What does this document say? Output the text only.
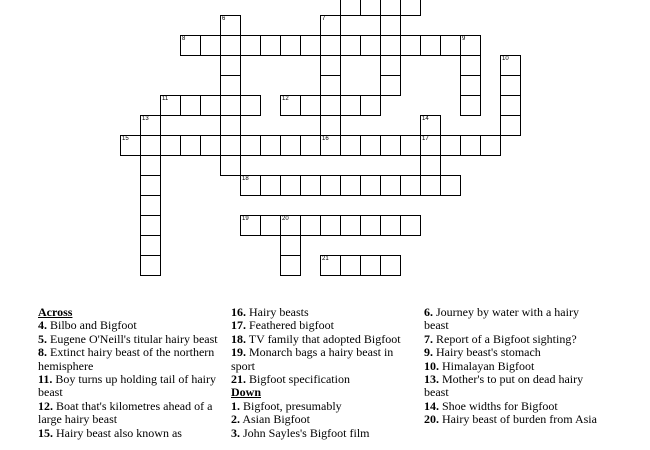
8
11	12
15	16	17
18
19	20
21
6	7
9
10
13	14
Across
4. Bilbo and Bigfoot
5. Eugene O'Neill's titular hairy beast
8. Extinct hairy beast of the northern hemisphere
11. Boy turns up holding tail of hairy beast
12. Boat that's kilometres ahead of a large hairy beast
15. Hairy beast also known as
16. Hairy beasts
17. Feathered bigfoot
18. TV family that adopted Bigfoot
19. Monarch bags a hairy beast in sport
21. Bigfoot specification
Down
1. Bigfoot, presumably
2. Asian Bigfoot
3. John Sayles's Bigfoot film
6. Journey by water with a hairy beast
7. Report of a Bigfoot sighting?
9. Hairy beast's stomach
10. Himalayan Bigfoot
13. Mother's to put on dead hairy beast
14. Shoe widths for Bigfoot
20. Hairy beast of burden from Asia
